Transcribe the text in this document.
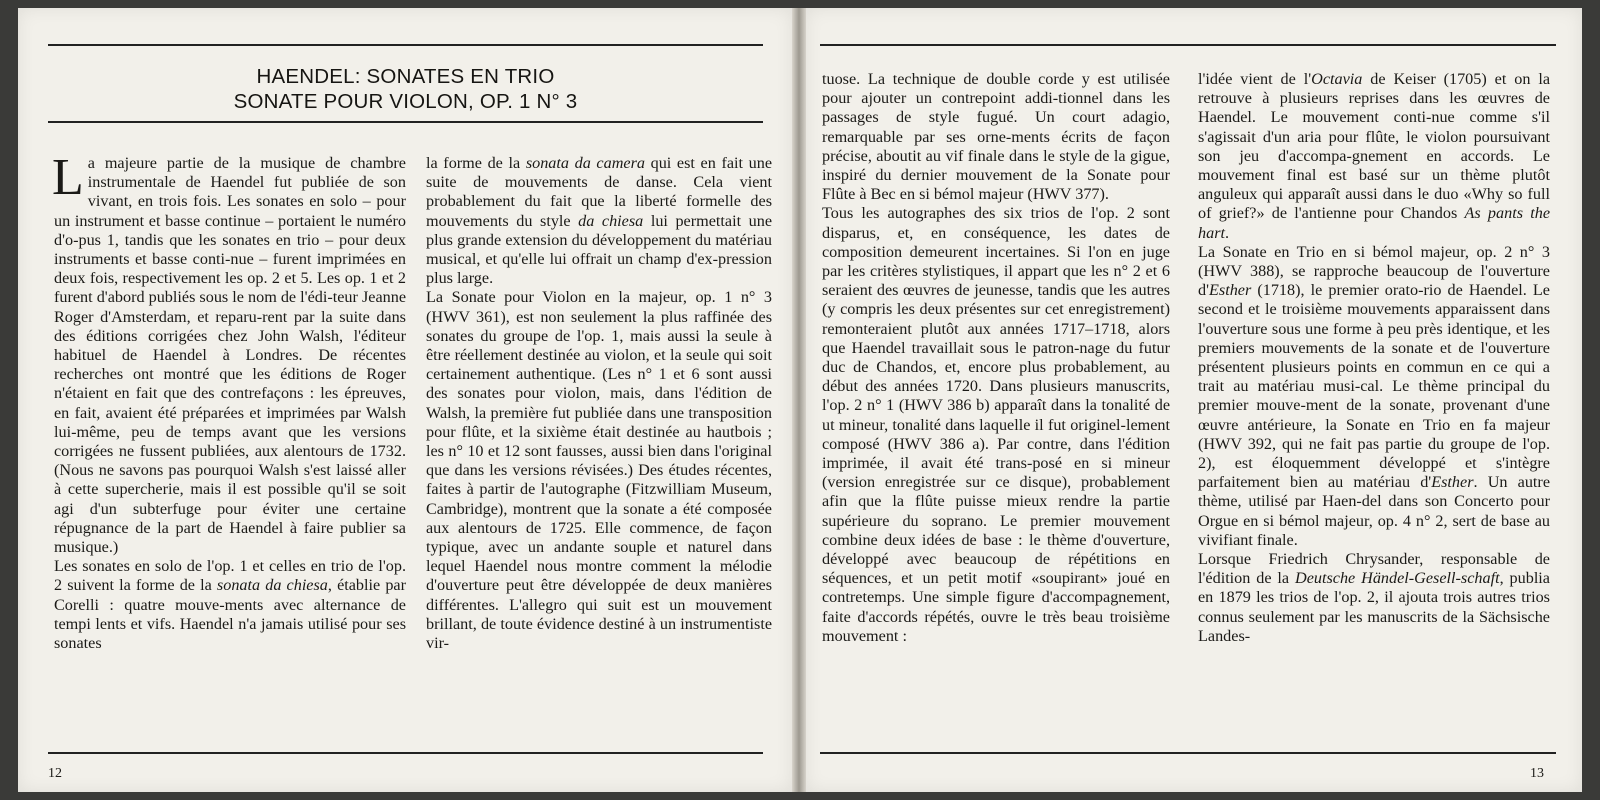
HAENDEL: SONATES EN TRIO
SONATE POUR VIOLON, OP. 1 N° 3

La majeure partie de la musique de chambre instrumentale de Haendel fut publiée de son vivant, en trois fois. Les sonates en solo – pour un instrument et basse continue – portaient le numéro d'o-pus 1, tandis que les sonates en trio – pour deux instruments et basse conti-nue – furent imprimées en deux fois, respectivement les op. 2 et 5. Les op. 1 et 2 furent d'abord publiés sous le nom de l'édi-teur Jeanne Roger d'Amsterdam, et reparu-rent par la suite dans des éditions corrigées chez John Walsh, l'éditeur habituel de Haendel à Londres. De récentes recherches ont montré que les éditions de Roger n'étaient en fait que des contrefaçons : les épreuves, en fait, avaient été préparées et imprimées par Walsh lui-même, peu de temps avant que les versions corrigées ne fussent publiées, aux alentours de 1732. (Nous ne savons pas pourquoi Walsh s'est laissé aller à cette supercherie, mais il est possible qu'il se soit agi d'un subterfuge pour éviter une certaine répugnance de la part de Haendel à faire publier sa musique.)

Les sonates en solo de l'op. 1 et celles en trio de l'op. 2 suivent la forme de la sonata da chiesa, établie par Corelli : quatre mouve-ments avec alternance de tempi lents et vifs. Haendel n'a jamais utilisé pour ses sonates

la forme de la sonata da camera qui est en fait une suite de mouvements de danse. Cela vient probablement du fait que la liberté formelle des mouvements du style da chiesa lui permettait une plus grande extension du développement du matériau musical, et qu'elle lui offrait un champ d'ex-pression plus large.

La Sonate pour Violon en la majeur, op. 1 n° 3 (HWV 361), est non seulement la plus raffinée des sonates du groupe de l'op. 1, mais aussi la seule à être réellement destinée au violon, et la seule qui soit certainement authentique. (Les n° 1 et 6 sont aussi des sonates pour violon, mais, dans l'édition de Walsh, la première fut publiée dans une transposition pour flûte, et la sixième était destinée au hautbois ; les n° 10 et 12 sont fausses, aussi bien dans l'original que dans les versions révisées.) Des études récentes, faites à partir de l'autographe (Fitzwilliam Museum, Cambridge), montrent que la sonate a été composée aux alentours de 1725. Elle commence, de façon typique, avec un andante souple et naturel dans lequel Haendel nous montre comment la mélodie d'ouverture peut être développée de deux manières différentes. L'allegro qui suit est un mouvement brillant, de toute évidence destiné à un instrumentiste vir-

12

tuose. La technique de double corde y est utilisée pour ajouter un contrepoint addi-tionnel dans les passages de style fugué. Un court adagio, remarquable par ses orne-ments écrits de façon précise, aboutit au vif finale dans le style de la gigue, inspiré du dernier mouvement de la Sonate pour Flûte à Bec en si bémol majeur (HWV 377).

Tous les autographes des six trios de l'op. 2 sont disparus, et, en conséquence, les dates de composition demeurent incertaines. Si l'on en juge par les critères stylistiques, il appart que les n° 2 et 6 seraient des œuvres de jeunesse, tandis que les autres (y compris les deux présentes sur cet enregistrement) remonteraient plutôt aux années 1717–1718, alors que Haendel travaillait sous le patron-nage du futur duc de Chandos, et, encore plus probablement, au début des années 1720. Dans plusieurs manuscrits, l'op. 2 n° 1 (HWV 386 b) apparaît dans la tonalité de ut mineur, tonalité dans laquelle il fut originel-lement composé (HWV 386 a). Par contre, dans l'édition imprimée, il avait été trans-posé en si mineur (version enregistrée sur ce disque), probablement afin que la flûte puisse mieux rendre la partie supérieure du soprano. Le premier mouvement combine deux idées de base : le thème d'ouverture, développé avec beaucoup de répétitions en séquences, et un petit motif «soupirant» joué en contretemps. Une simple figure d'accompagnement, faite d'accords répétés, ouvre le très beau troisième mouvement :

l'idée vient de l'Octavia de Keiser (1705) et on la retrouve à plusieurs reprises dans les œuvres de Haendel. Le mouvement conti-nue comme s'il s'agissait d'un aria pour flûte, le violon poursuivant son jeu d'accompa-gnement en accords. Le mouvement final est basé sur un thème plutôt anguleux qui apparaît aussi dans le duo «Why so full of grief?» de l'antienne pour Chandos As pants the hart.

La Sonate en Trio en si bémol majeur, op. 2 n° 3 (HWV 388), se rapproche beaucoup de l'ouverture d'Esther (1718), le premier orato-rio de Haendel. Le second et le troisième mouvements apparaissent dans l'ouverture sous une forme à peu près identique, et les premiers mouvements de la sonate et de l'ouverture présentent plusieurs points en commun en ce qui a trait au matériau musi-cal. Le thème principal du premier mouve-ment de la sonate, provenant d'une œuvre antérieure, la Sonate en Trio en fa majeur (HWV 392, qui ne fait pas partie du groupe de l'op. 2), est éloquemment développé et s'intègre parfaitement bien au matériau d'Esther. Un autre thème, utilisé par Haen-del dans son Concerto pour Orgue en si bémol majeur, op. 4 n° 2, sert de base au vivifiant finale.

Lorsque Friedrich Chrysander, responsable de l'édition de la Deutsche Händel-Gesell-schaft, publia en 1879 les trios de l'op. 2, il ajouta trois autres trios connus seulement par les manuscrits de la Sächsische Landes-

13
